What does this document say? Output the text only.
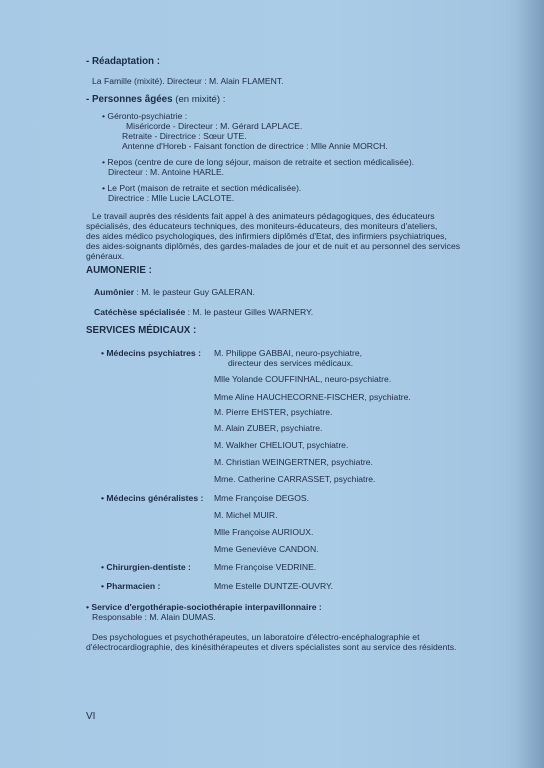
- Réadaptation :
La Famille (mixité). Directeur : M. Alain FLAMENT.
- Personnes âgées (en mixité) :
• Géronto-psychiatrie :
Miséricorde - Directeur : M. Gérard LAPLACE.
Retraite - Directrice : Sœur UTE.
Antenne d'Horeb - Faisant fonction de directrice : Mlle Annie MORCH.
• Repos (centre de cure de long séjour, maison de retraite et section médicalisée).
Directeur : M. Antoine HARLE.
• Le Port (maison de retraite et section médicalisée).
Directrice : Mlle Lucie LACLOTE.
Le travail auprès des résidents fait appel à des animateurs pédagogiques, des éducateurs
spécialisés, des éducateurs techniques, des moniteurs-éducateurs, des moniteurs d'ateliers,
des aides médico psychologiques, des infirmiers diplômés d'Etat, des infirmiers psychiatriques,
des aides-soignants diplômés, des gardes-malades de jour et de nuit et au personnel des services
généraux.
AUMONERIE :
Aumônier : M. le pasteur Guy GALERAN.
Catéchèse spécialisée : M. le pasteur Gilles WARNERY.
SERVICES MÉDICAUX :
• Médecins psychiatres : M. Philippe GABBAI, neuro-psychiatre,
directeur des services médicaux.
Mlle Yolande COUFFINHAL, neuro-psychiatre.
Mme Aline HAUCHECORNE-FISCHER, psychiatre.
M. Pierre EHSTER, psychiatre.
M. Alain ZUBER, psychiatre.
M. Walkher CHELIOUT, psychiatre.
M. Christian WEINGERTNER, psychiatre.
Mme. Catherine CARRASSET, psychiatre.
• Médecins généralistes : Mme Françoise DEGOS.
M. Michel MUIR.
Mlle Françoise AURIOUX.
Mme Geneviève CANDON.
• Chirurgien-dentiste :	Mme Françoise VEDRINE.
• Pharmacien :	Mme Estelle DUNTZE-OUVRY.
• Service d'ergothérapie-sociothérapie interpavillonnaire :
Responsable : M. Alain DUMAS.
Des psychologues et psychothérapeutes, un laboratoire d'électro-encéphalographie et
d'électrocardiographie, des kinésithérapeutes et divers spécialistes sont au service des résidents.
VI
